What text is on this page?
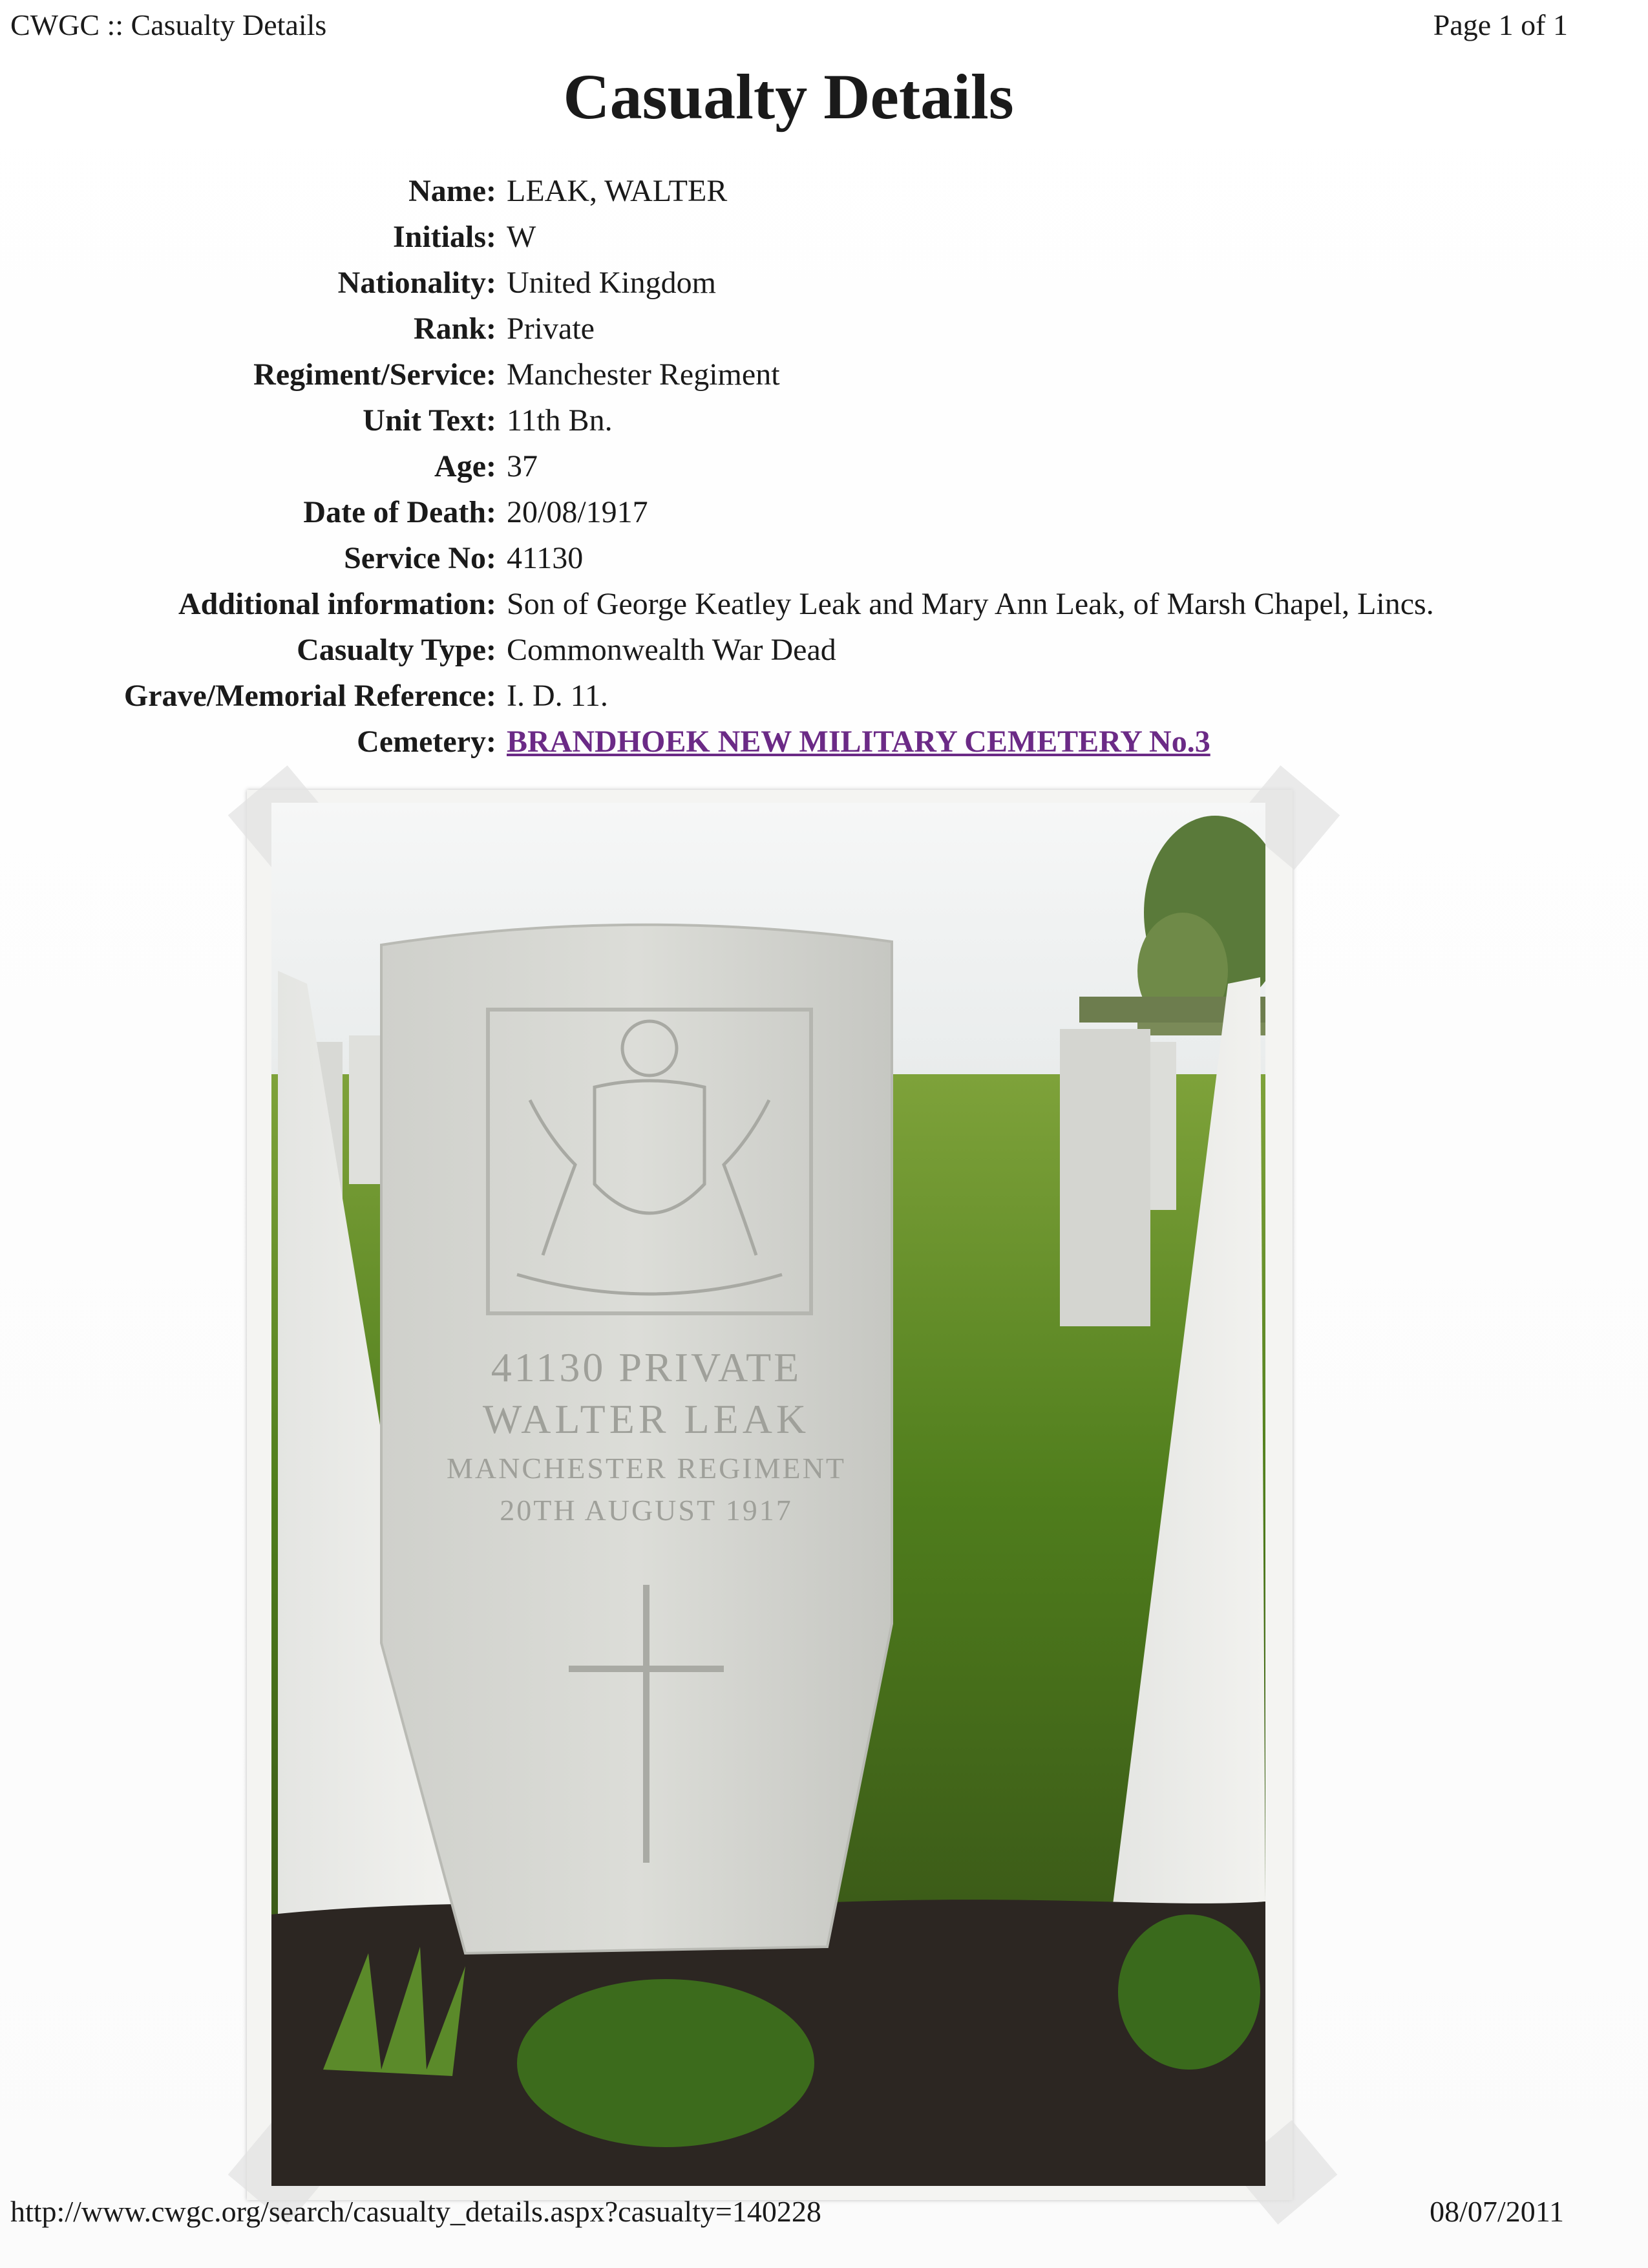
CWGC :: Casualty Details	Page 1 of 1
Casualty Details
Name: LEAK, WALTER
Initials: W
Nationality: United Kingdom
Rank: Private
Regiment/Service: Manchester Regiment
Unit Text: 11th Bn.
Age: 37
Date of Death: 20/08/1917
Service No: 41130
Additional information: Son of George Keatley Leak and Mary Ann Leak, of Marsh Chapel, Lincs.
Casualty Type: Commonwealth War Dead
Grave/Memorial Reference: I. D. 11.
Cemetery: BRANDHOEK NEW MILITARY CEMETERY No.3
41130 PRIVATE
WALTER LEAK
MANCHESTER REGIMENT
20TH AUGUST 1917
http://www.cwgc.org/search/casualty_details.aspx?casualty=140228	08/07/2011
